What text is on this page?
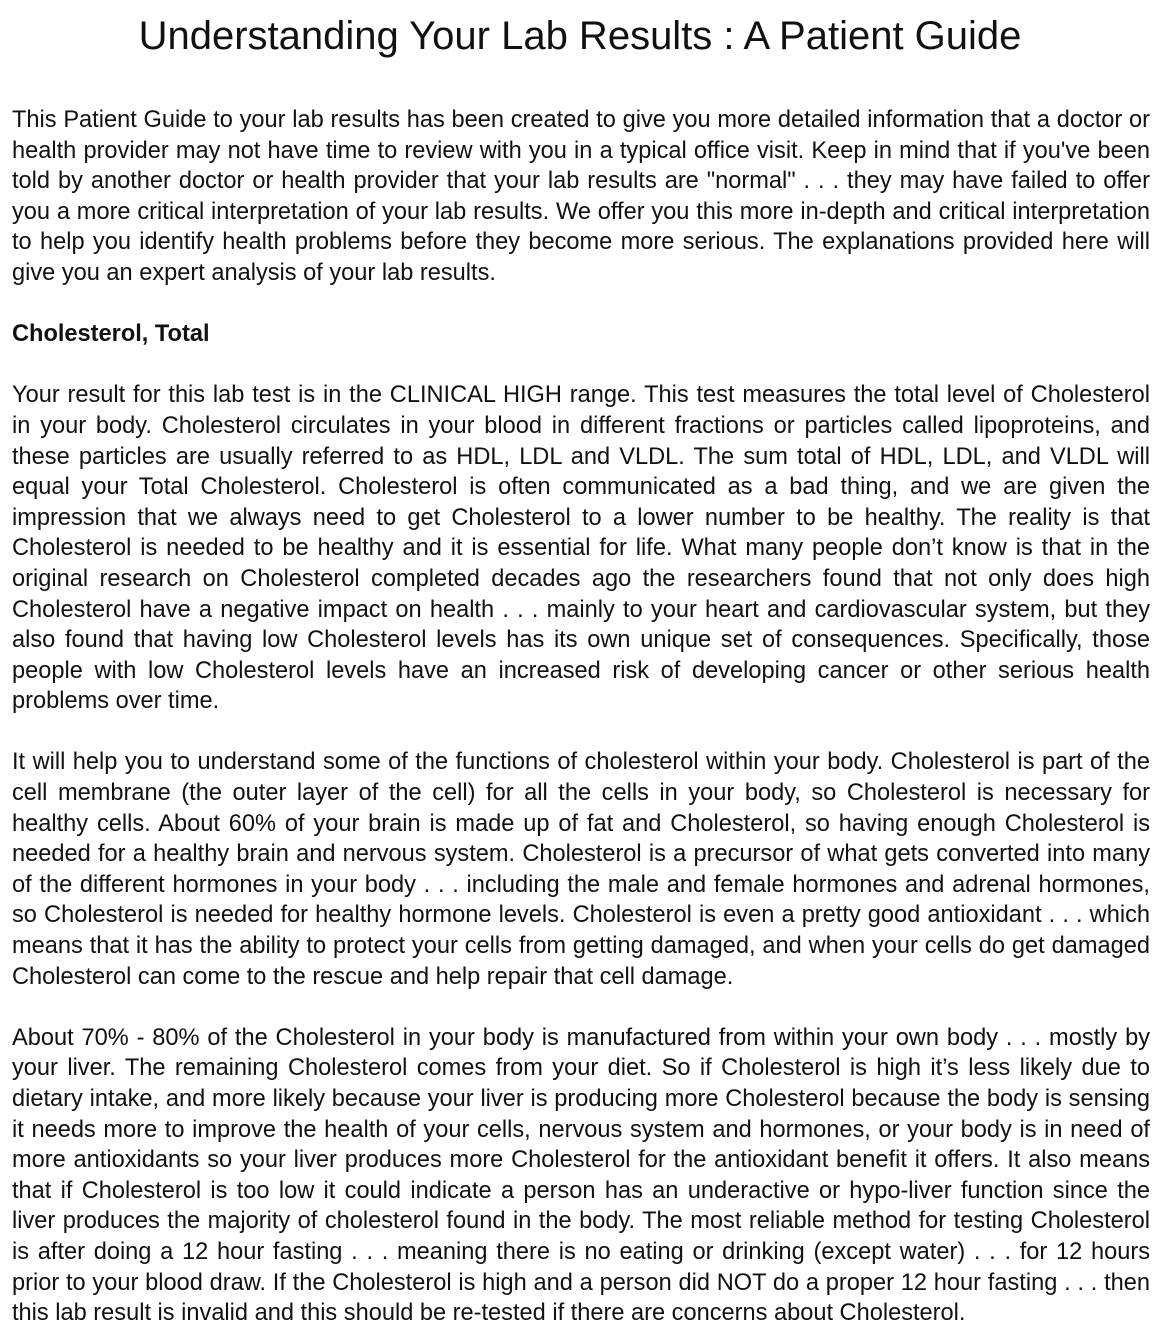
Understanding Your Lab Results : A Patient Guide

This Patient Guide to your lab results has been created to give you more detailed information that a doctor or health provider may not have time to review with you in a typical office visit. Keep in mind that if you've been told by another doctor or health provider that your lab results are "normal" . . . they may have failed to offer you a more critical interpretation of your lab results. We offer you this more in-depth and critical interpretation to help you identify health problems before they become more serious. The explanations provided here will give you an expert analysis of your lab results.

Cholesterol, Total

Your result for this lab test is in the CLINICAL HIGH range. This test measures the total level of Cholesterol in your body. Cholesterol circulates in your blood in different fractions or particles called lipoproteins, and these particles are usually referred to as HDL, LDL and VLDL. The sum total of HDL, LDL, and VLDL will equal your Total Cholesterol. Cholesterol is often communicated as a bad thing, and we are given the impression that we always need to get Cholesterol to a lower number to be healthy. The reality is that Cholesterol is needed to be healthy and it is essential for life. What many people don’t know is that in the original research on Cholesterol completed decades ago the researchers found that not only does high Cholesterol have a negative impact on health . . . mainly to your heart and cardiovascular system, but they also found that having low Cholesterol levels has its own unique set of consequences. Specifically, those people with low Cholesterol levels have an increased risk of developing cancer or other serious health problems over time.

It will help you to understand some of the functions of cholesterol within your body. Cholesterol is part of the cell membrane (the outer layer of the cell) for all the cells in your body, so Cholesterol is necessary for healthy cells. About 60% of your brain is made up of fat and Cholesterol, so having enough Cholesterol is needed for a healthy brain and nervous system. Cholesterol is a precursor of what gets converted into many of the different hormones in your body . . . including the male and female hormones and adrenal hormones, so Cholesterol is needed for healthy hormone levels. Cholesterol is even a pretty good antioxidant . . . which means that it has the ability to protect your cells from getting damaged, and when your cells do get damaged Cholesterol can come to the rescue and help repair that cell damage.

About 70% - 80% of the Cholesterol in your body is manufactured from within your own body . . . mostly by your liver. The remaining Cholesterol comes from your diet. So if Cholesterol is high it’s less likely due to dietary intake, and more likely because your liver is producing more Cholesterol because the body is sensing it needs more to improve the health of your cells, nervous system and hormones, or your body is in need of more antioxidants so your liver produces more Cholesterol for the antioxidant benefit it offers. It also means that if Cholesterol is too low it could indicate a person has an underactive or hypo-liver function since the liver produces the majority of cholesterol found in the body. The most reliable method for testing Cholesterol is after doing a 12 hour fasting . . . meaning there is no eating or drinking (except water) . . . for 12 hours prior to your blood draw. If the Cholesterol is high and a person did NOT do a proper 12 hour fasting . . . then this lab result is invalid and this should be re-tested if there are concerns about Cholesterol.
